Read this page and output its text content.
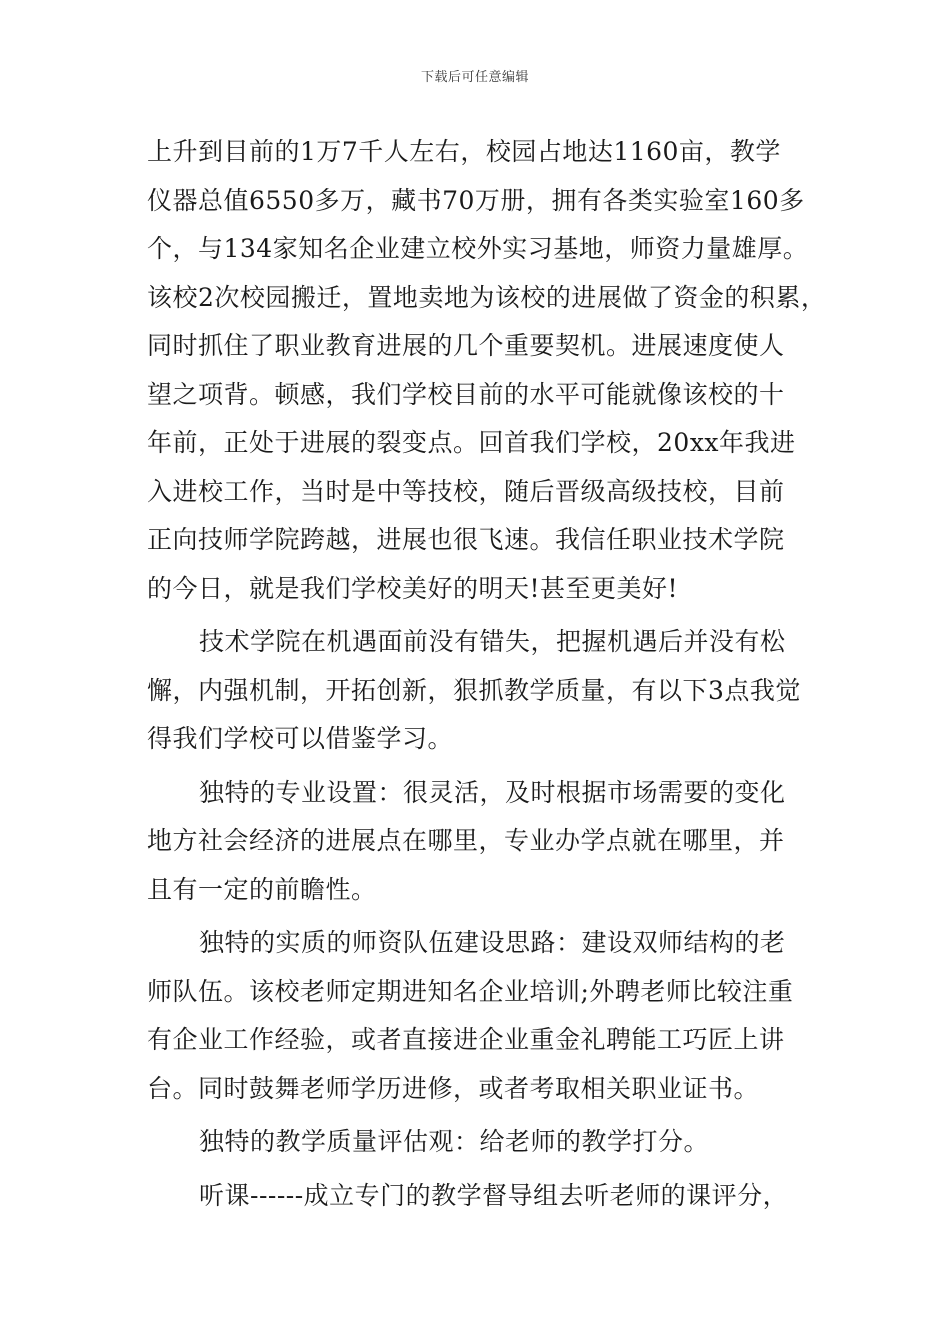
下载后可任意编辑
上升到目前的1万7千人左右，校园占地达1160亩，教学
仪器总值6550多万，藏书70万册，拥有各类实验室160多
个，与134家知名企业建立校外实习基地，师资力量雄厚。
该校2次校园搬迁，置地卖地为该校的进展做了资金的积累，
同时抓住了职业教育进展的几个重要契机。进展速度使人
望之项背。顿感，我们学校目前的水平可能就像该校的十
年前，正处于进展的裂变点。回首我们学校，20xx年我进
入进校工作，当时是中等技校，随后晋级高级技校，目前
正向技师学院跨越，进展也很飞速。我信任职业技术学院
的今日，就是我们学校美好的明天!甚至更美好!
技术学院在机遇面前没有错失，把握机遇后并没有松
懈，内强机制，开拓创新，狠抓教学质量，有以下3点我觉
得我们学校可以借鉴学习。
独特的专业设置：很灵活，及时根据市场需要的变化
地方社会经济的进展点在哪里，专业办学点就在哪里，并
且有一定的前瞻性。
独特的实质的师资队伍建设思路：建设双师结构的老
师队伍。该校老师定期进知名企业培训;外聘老师比较注重
有企业工作经验，或者直接进企业重金礼聘能工巧匠上讲
台。同时鼓舞老师学历进修，或者考取相关职业证书。
独特的教学质量评估观：给老师的教学打分。
听课------成立专门的教学督导组去听老师的课评分，
